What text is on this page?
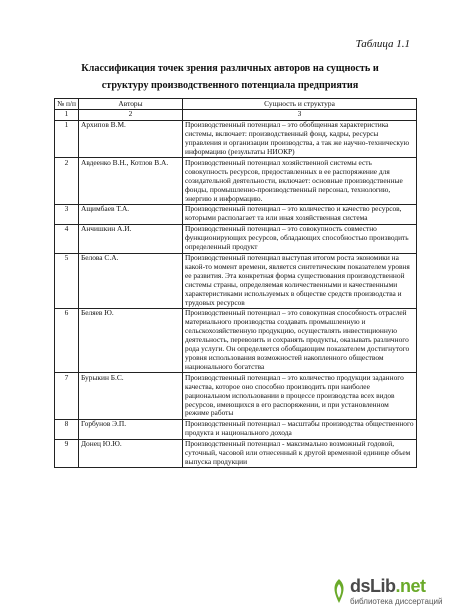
Таблица 1.1
Классификация точек зрения различных авторов на сущность и
структуру производственного потенциала предприятия
№ п/п	Авторы	Сущность и структура
1	2	3
1	Архипов В.М.	Производственный потенциал – это обобщенная характеристика системы, включает: производственный фонд, кадры, ресурсы управления и организации производства, а так же научно-техническую информацию (результаты НИОКР)
2	Авдеенко В.Н., Котлов В.А.	Производственный потенциал хозяйственной системы есть совокупность ресурсов, предоставленных в ее распоряжение для созидательной деятельности, включает: основные производственные фонды, промышленно-производственный персонал, технологию, энергию и информацию.
3	Ащимбаев Т.А.	Производственный потенциал – это количество и качество ресурсов, которыми располагает та или иная хозяйственная система
4	Анчишкин А.И.	Производственный потенциал – это совокупность совместно функционирующих ресурсов, обладающих способностью производить определенный продукт
5	Белова С.А.	Производственный потенциал выступая итогом роста экономики на какой-то момент времени, является синтетическим показателем уровня ее развития. Эта конкретная форма существования производственной системы страны, определяемая количественными и качественными характеристиками используемых в обществе средств производства и трудовых ресурсов
6	Беляев Ю.	Производственный потенциал – это совокупная способность отраслей материального производства создавать промышленную и сельскохозяйственную продукцию, осуществлять инвестиционную деятельность, перевозить и сохранять продукты, оказывать различного рода услуги. Он определяется обобщающим показателем достигнутого уровня использования возможностей накопленного обществом национального богатства
7	Бурыкин Б.С.	Производственный потенциал – это количество продукции заданного качества, которое оно способно производить при наиболее рациональном использовании в процессе производства всех видов ресурсов, имеющихся в его распоряжении, и при установленном режиме работы
8	Горбунов Э.П.	Производственный потенциал – масштабы производства общественного продукта и национального дохода
9	Донец Ю.Ю.	Производственный потенциал - максимально возможный годовой, суточный, часовой или отнесенный к другой временной единице объем выпуска продукции
dsLib.net
библиотека диссертаций
